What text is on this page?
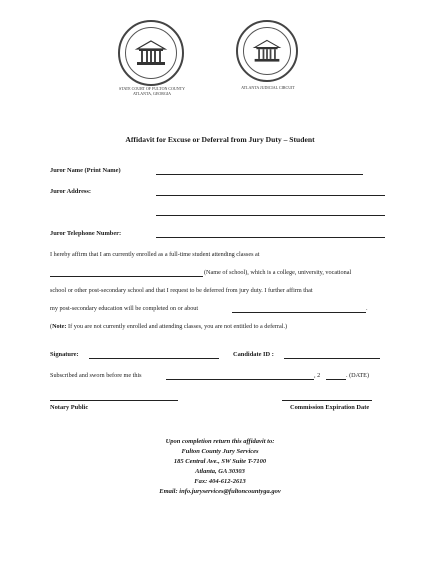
STATE COURT OF FULTON COUNTY
ATLANTA, GEORGIA
ATLANTA JUDICIAL CIRCUIT
Affidavit for Excuse or Deferral from Jury Duty – Student
Juror Name (Print Name)
Juror Address:
Juror Telephone Number:
I hereby affirm that I am currently enrolled as a full-time student attending classes at
(Name of school), which is a college, university, vocational
school or other post-secondary school and that I request to be deferred from jury duty. I further affirm that
my post-secondary education will be completed on or about	.
(Note: If you are not currently enrolled and attending classes, you are not entitled to a deferral.)
Signature:	Candidate ID :
Subscribed and sworn before me this	, 2	. (DATE)
Notary Public	Commission Expiration Date
Upon completion return this affidavit to:
Fulton County Jury Services
185 Central Ave., SW Suite T-7100
Atlanta, GA 30303
Fax: 404-612-2613
Email: info.juryservices@fultoncountyga.gov
